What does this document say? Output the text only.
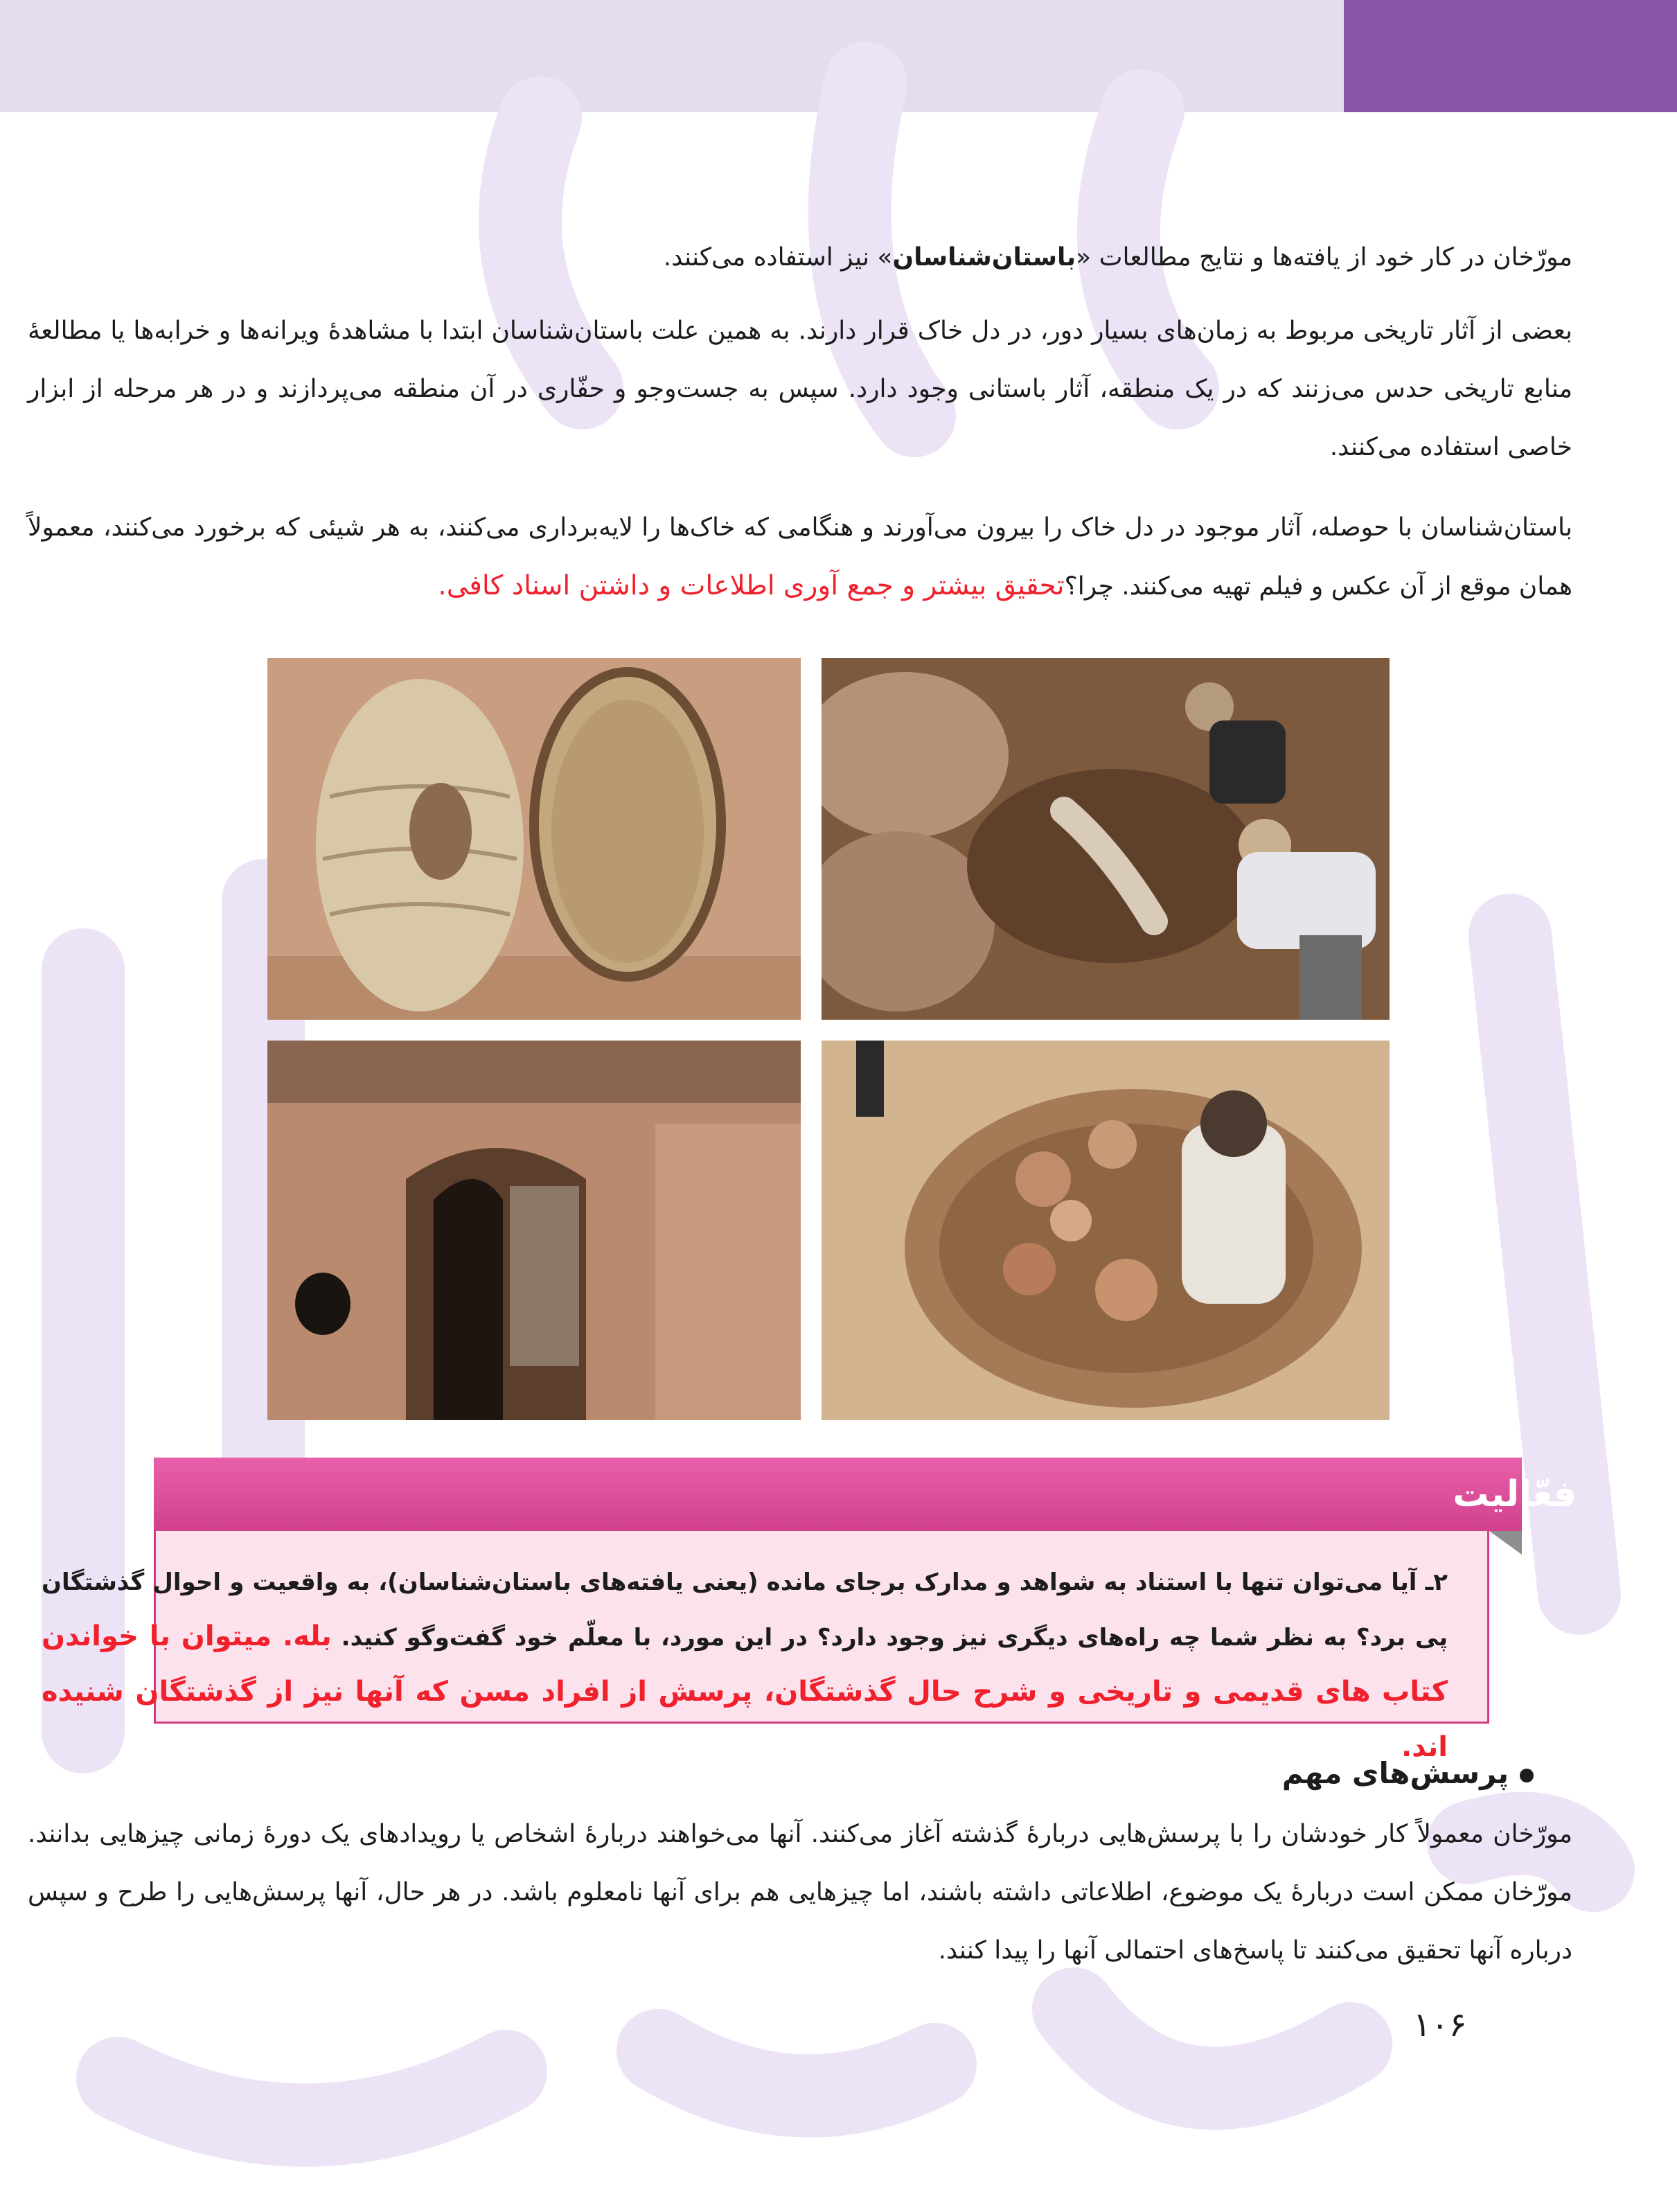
مورّخان در کار خود از یافته‌ها و نتایج مطالعات «باستان‌شناسان» نیز استفاده می‌کنند.

بعضی از آثار تاریخی مربوط به زمان‌های بسیار دور، در دل خاک قرار دارند. به همین علت باستان‌شناسان ابتدا با مشاهدهٔ ویرانه‌ها و خرابه‌ها یا مطالعهٔ منابع تاریخی حدس می‌زنند که در یک منطقه، آثار باستانی وجود دارد. سپس به جست‌وجو و حفّاری در آن منطقه می‌پردازند و در هر مرحله از ابزار خاصی استفاده می‌کنند.

باستان‌شناسان با حوصله، آثار موجود در دل خاک را بیرون می‌آورند و هنگامی که خاک‌ها را لایه‌برداری می‌کنند، به هر شیئی که برخورد می‌کنند، معمولاً همان موقع از آن عکس و فیلم تهیه می‌کنند. چرا؟تحقیق بیشتر و جمع آوری اطلاعات و داشتن اسناد کافی.

فعّالیت

۲ـ آیا می‌توان تنها با استناد به شواهد و مدارک برجای مانده (یعنی یافته‌های باستان‌شناسان)، به واقعیت و احوال گذشتگان پی برد؟ به نظر شما چه راه‌های دیگری نیز وجود دارد؟ در این مورد، با معلّم خود گفت‌وگو کنید. بله. میتوان با خواندن کتاب های قدیمی و تاریخی و شرح حال گذشتگان، پرسش از افراد مسن که آنها نیز از گذشتگان شنیده اند.

پرسش‌های مهم

مورّخان معمولاً کار خودشان را با پرسش‌هایی دربارهٔ گذشته آغاز می‌کنند. آنها می‌خواهند دربارهٔ اشخاص یا رویدادهای یک دورهٔ زمانی چیزهایی بدانند. مورّخان ممکن است دربارهٔ یک موضوع، اطلاعاتی داشته باشند، اما چیزهایی هم برای آنها نامعلوم باشد. در هر حال، آنها پرسش‌هایی را طرح و سپس درباره آنها تحقیق می‌کنند تا پاسخ‌های احتمالی آنها را پیدا کنند.

۱۰۶
